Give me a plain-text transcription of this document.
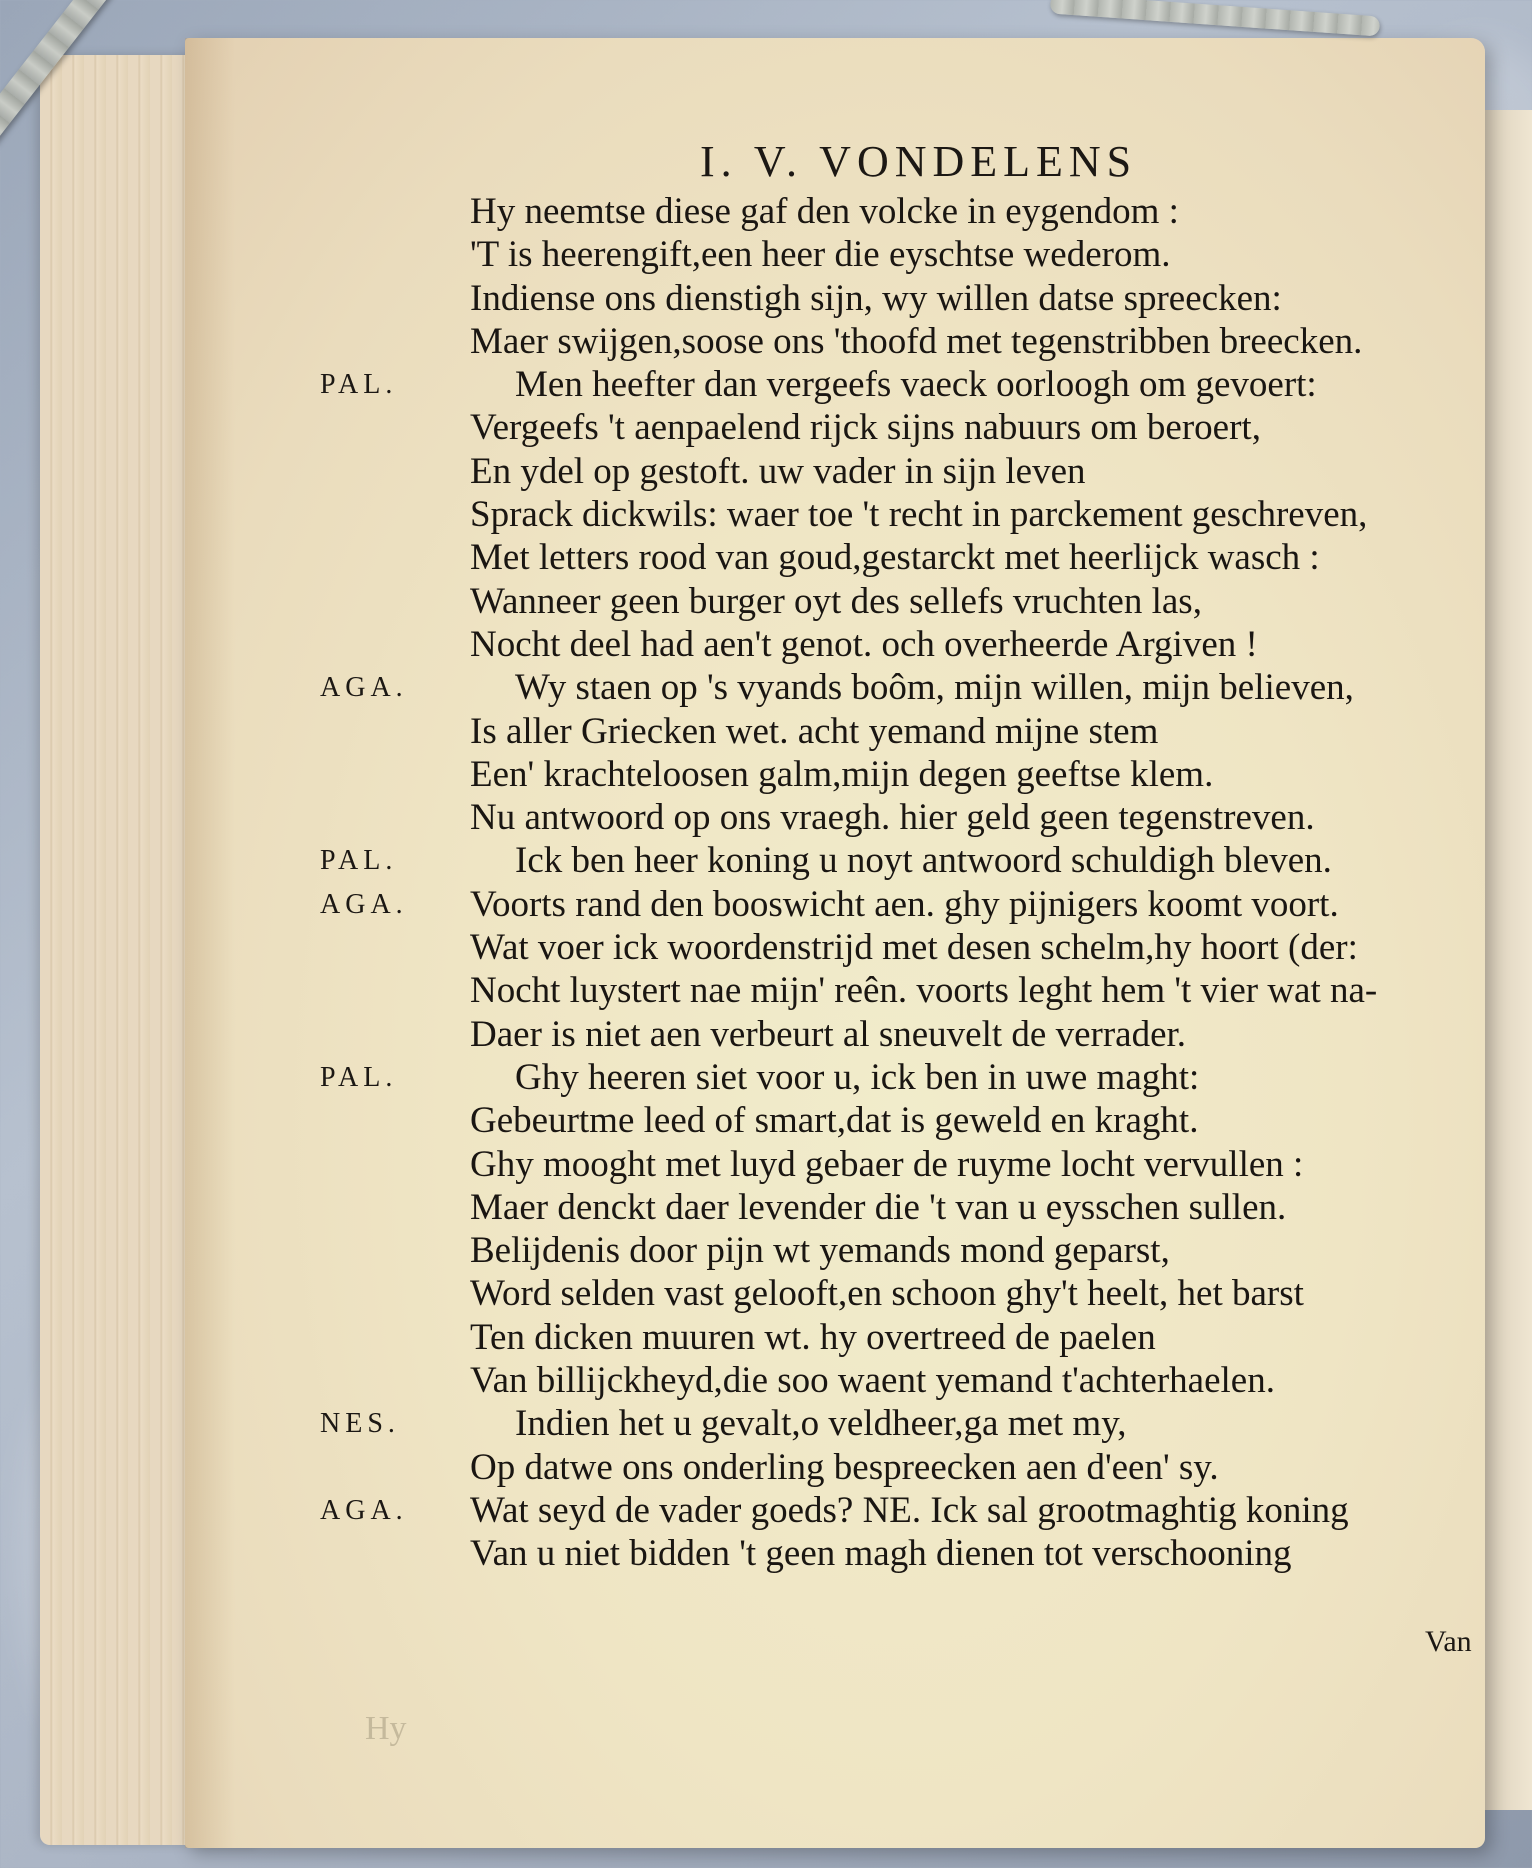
I. V. VONDELENS
Hy neemtse diese gaf den volcke in eygendom :
'T is heerengift,een heer die eyschtse wederom.
Indiense ons dienstigh sijn, wy willen datse spreecken:
Maer swijgen,soose ons 'thoofd met tegenstribben breecken.
PAL.	Men heefter dan vergeefs vaeck oorloogh om gevoert:
Vergeefs 't aenpaelend rijck sijns nabuurs om beroert,
En ydel op gestoft. uw vader in sijn leven
Sprack dickwils: waer toe 't recht in parckement geschreven,
Met letters rood van goud,gestarckt met heerlijck wasch :
Wanneer geen burger oyt des sellefs vruchten las,
Nocht deel had aen't genot. och overheerde Argiven !
AGA.	Wy staen op 's vyands boôm, mijn willen, mijn believen,
Is aller Griecken wet. acht yemand mijne stem
Een' krachteloosen galm,mijn degen geeftse klem.
Nu antwoord op ons vraegh. hier geld geen tegenstreven.
PAL.	Ick ben heer koning u noyt antwoord schuldigh bleven.
AGA.	Voorts rand den booswicht aen. ghy pijnigers koomt voort.
Wat voer ick woordenstrijd met desen schelm,hy hoort (der:
Nocht luystert nae mijn' reên. voorts leght hem 't vier wat na-
Daer is niet aen verbeurt al sneuvelt de verrader.
PAL.	Ghy heeren siet voor u, ick ben in uwe maght:
Gebeurtme leed of smart,dat is geweld en kraght.
Ghy mooght met luyd gebaer de ruyme locht vervullen :
Maer denckt daer levender die 't van u eysschen sullen.
Belijdenis door pijn wt yemands mond geparst,
Word selden vast gelooft,en schoon ghy't heelt, het barst
Ten dicken muuren wt. hy overtreed de paelen
Van billijckheyd,die soo waent yemand t'achterhaelen.
NES.	Indien het u gevalt,o veldheer,ga met my,
Op datwe ons onderling bespreecken aen d'een' sy.
AGA.	Wat seyd de vader goeds? NE. Ick sal grootmaghtig koning
Van u niet bidden 't geen magh dienen tot verschooning
Van
Hy
